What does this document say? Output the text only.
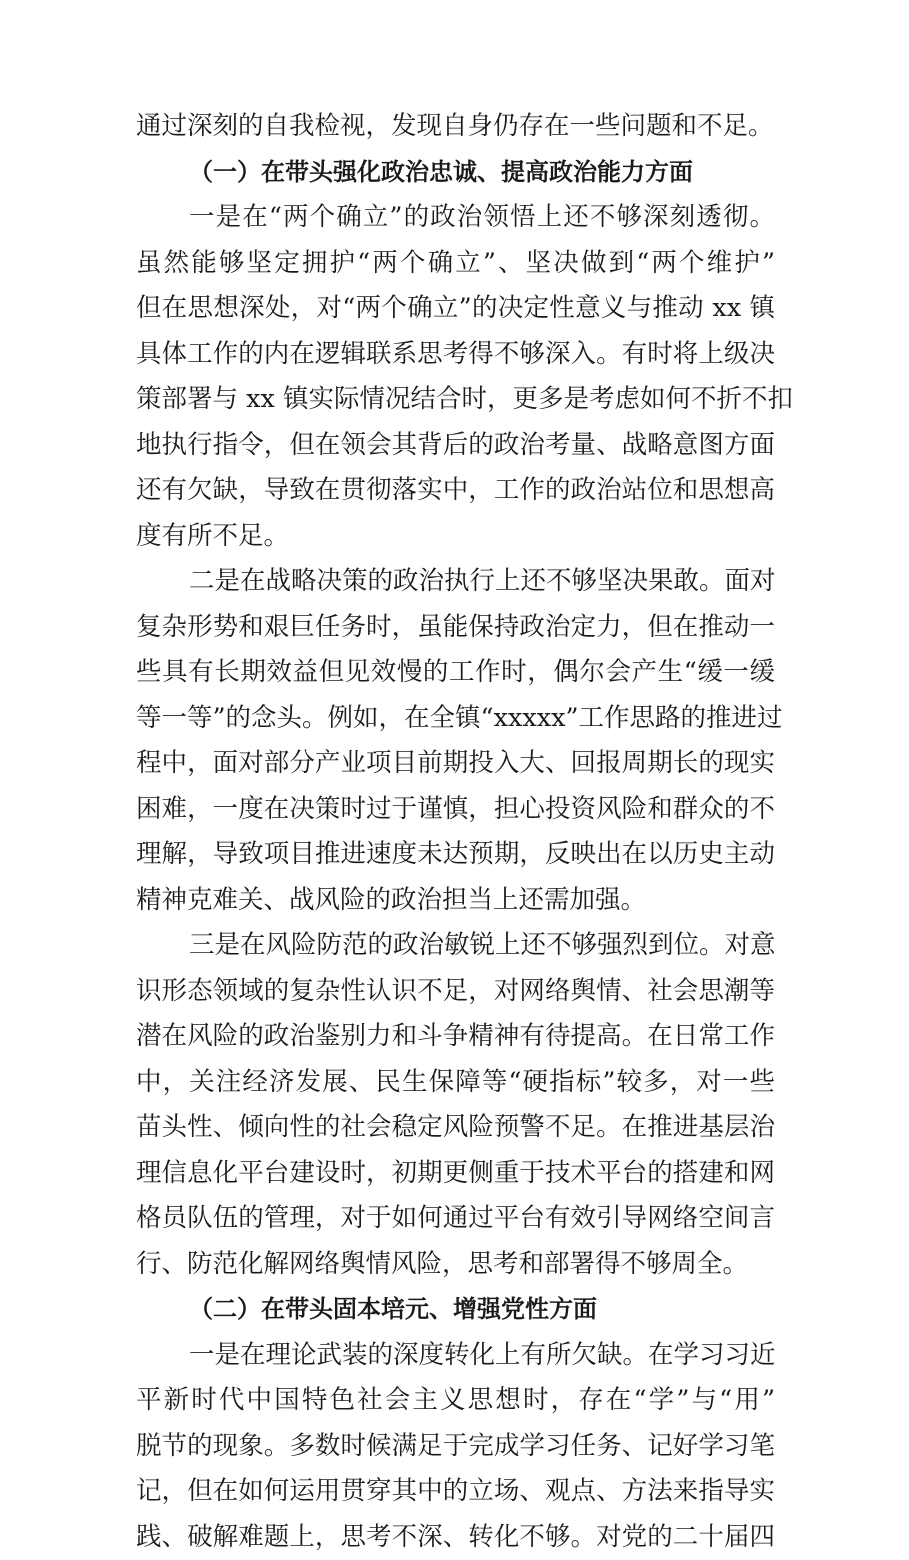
通过深刻的自我检视，发现自身仍存在一些问题和不足。
（一）在带头强化政治忠诚、提高政治能力方面
一是在“两个确立”的政治领悟上还不够深刻透彻。
虽然能够坚定拥护“两个确立”、坚决做到“两个维护”
但在思想深处，对“两个确立”的决定性意义与推动 xx 镇
具体工作的内在逻辑联系思考得不够深入。有时将上级决
策部署与 xx 镇实际情况结合时，更多是考虑如何不折不扣
地执行指令，但在领会其背后的政治考量、战略意图方面
还有欠缺，导致在贯彻落实中，工作的政治站位和思想高
度有所不足。
二是在战略决策的政治执行上还不够坚决果敢。面对
复杂形势和艰巨任务时，虽能保持政治定力，但在推动一
些具有长期效益但见效慢的工作时，偶尔会产生“缓一缓
等一等”的念头。例如，在全镇“xxxxx”工作思路的推进过
程中，面对部分产业项目前期投入大、回报周期长的现实
困难，一度在决策时过于谨慎，担心投资风险和群众的不
理解，导致项目推进速度未达预期，反映出在以历史主动
精神克难关、战风险的政治担当上还需加强。
三是在风险防范的政治敏锐上还不够强烈到位。对意
识形态领域的复杂性认识不足，对网络舆情、社会思潮等
潜在风险的政治鉴别力和斗争精神有待提高。在日常工作
中，关注经济发展、民生保障等“硬指标”较多，对一些
苗头性、倾向性的社会稳定风险预警不足。在推进基层治
理信息化平台建设时，初期更侧重于技术平台的搭建和网
格员队伍的管理，对于如何通过平台有效引导网络空间言
行、防范化解网络舆情风险，思考和部署得不够周全。
（二）在带头固本培元、增强党性方面
一是在理论武装的深度转化上有所欠缺。在学习习近
平新时代中国特色社会主义思想时，存在“学”与“用”
脱节的现象。多数时候满足于完成学习任务、记好学习笔
记，但在如何运用贯穿其中的立场、观点、方法来指导实
践、破解难题上，思考不深、转化不够。对党的二十届四
